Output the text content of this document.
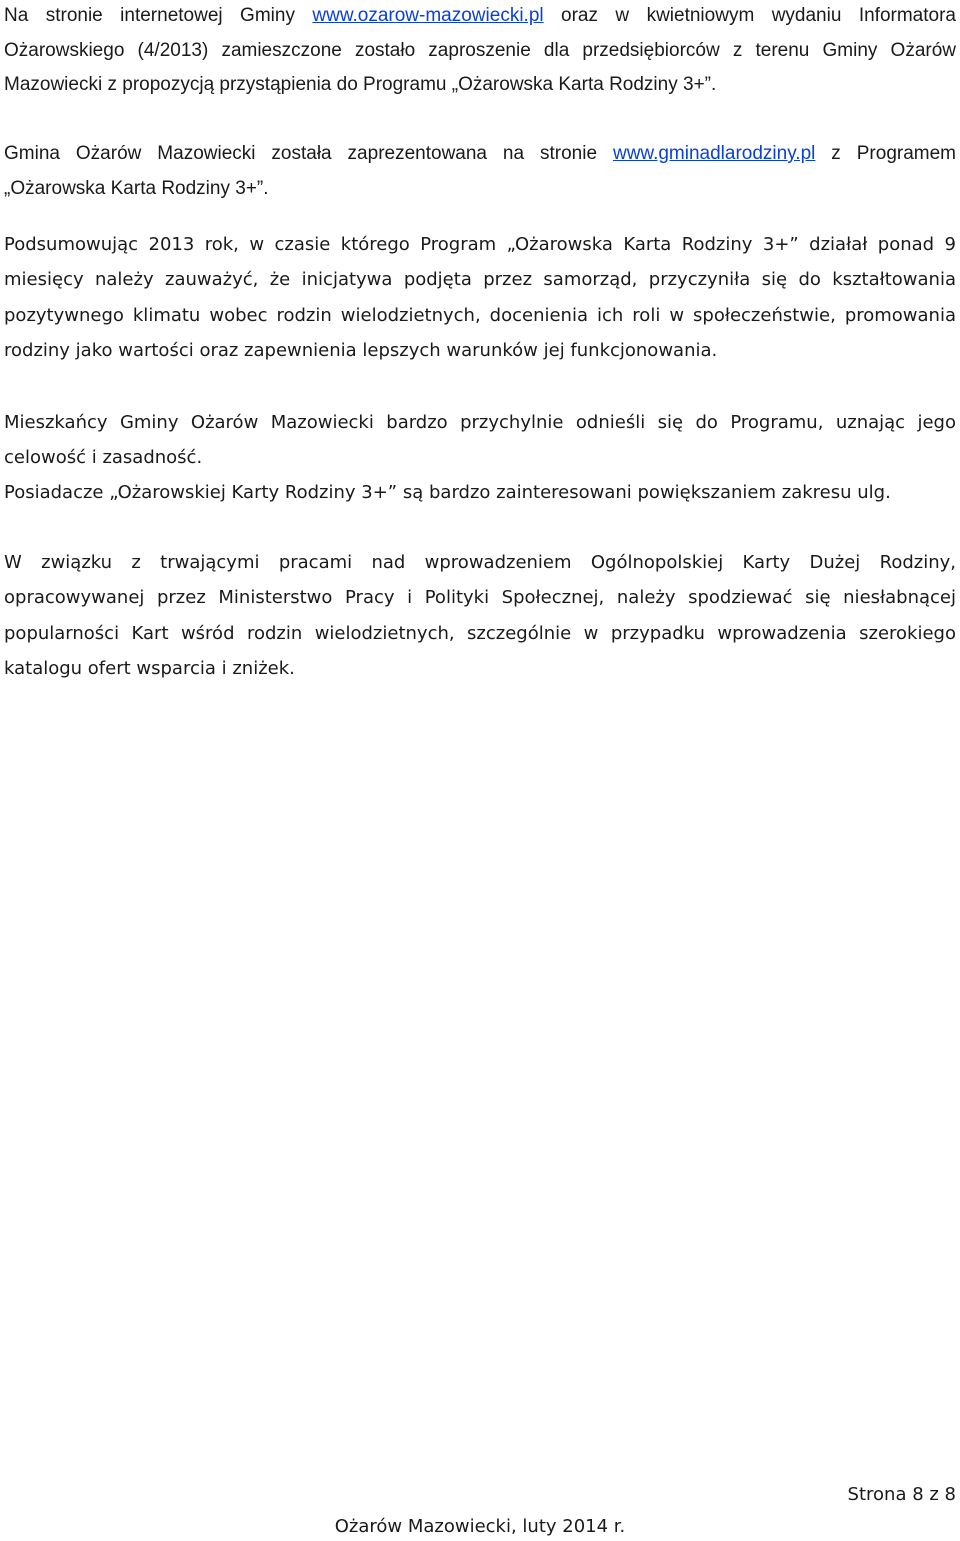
Na stronie internetowej Gminy www.ozarow-mazowiecki.pl oraz w kwietniowym wydaniu Informatora Ożarowskiego (4/2013) zamieszczone zostało zaproszenie dla przedsiębiorców z terenu Gminy Ożarów Mazowiecki z propozycją przystąpienia do Programu „Ożarowska Karta Rodziny 3+”.

Gmina Ożarów Mazowiecki została zaprezentowana na stronie www.gminadlarodziny.pl z Programem „Ożarowska Karta Rodziny 3+”.

Podsumowując 2013 rok, w czasie którego Program „Ożarowska Karta Rodziny 3+” działał ponad 9 miesięcy należy zauważyć, że inicjatywa podjęta przez samorząd, przyczyniła się do kształtowania pozytywnego klimatu wobec rodzin wielodzietnych, docenienia ich roli w społeczeństwie, promowania rodziny jako wartości oraz zapewnienia lepszych warunków jej funkcjonowania.

Mieszkańcy Gminy Ożarów Mazowiecki bardzo przychylnie odnieśli się do Programu, uznając jego celowość i zasadność.

Posiadacze „Ożarowskiej Karty Rodziny 3+” są bardzo zainteresowani powiększaniem zakresu ulg.

W związku z trwającymi pracami nad wprowadzeniem Ogólnopolskiej Karty Dużej Rodziny, opracowywanej przez Ministerstwo Pracy i Polityki Społecznej, należy spodziewać się niesłabnącej popularności Kart wśród rodzin wielodzietnych, szczególnie w przypadku wprowadzenia szerokiego katalogu ofert wsparcia i zniżek.

Strona 8 z 8
Ożarów Mazowiecki, luty 2014 r.
